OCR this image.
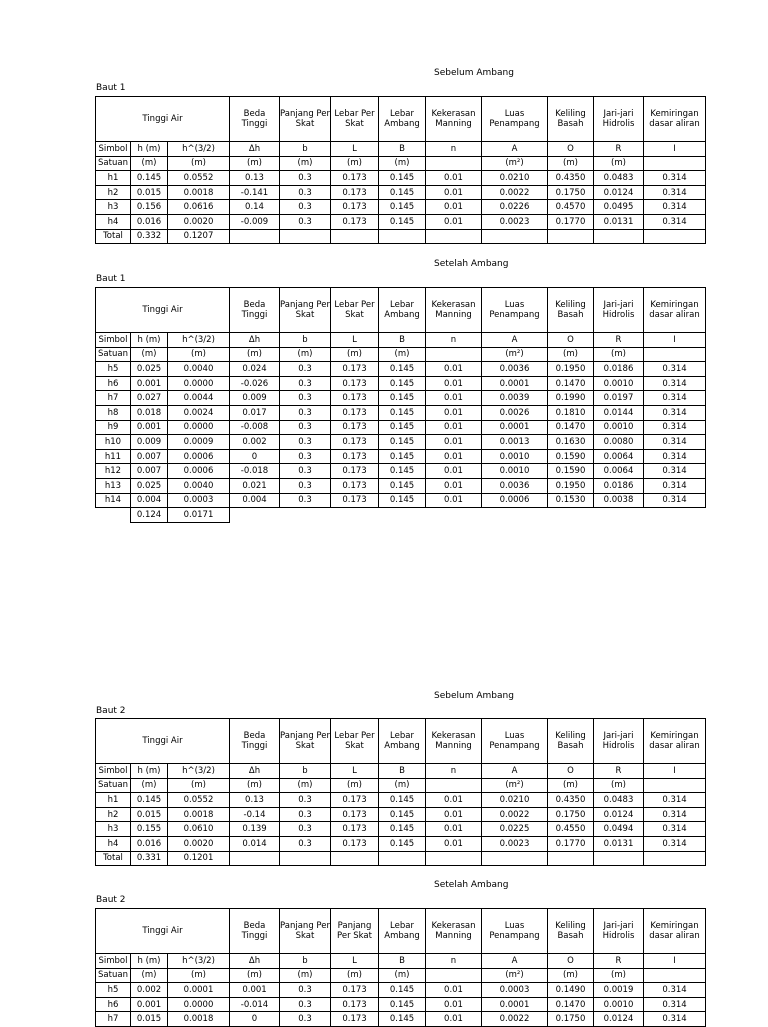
Sebelum Ambang
Baut 1
Tinggi Air			Beda Tinggi	Panjang Per Skat	Lebar Per Skat	Lebar Ambang	Kekerasan Manning	Luas Penampang	Keliling Basah	Jari-jari Hidrolis	Kemiringan dasar aliran
Simbol	h (m)	h^(3/2)	Δh	b	L	B	n	A	O	R	I
Satuan	(m)	(m)	(m)	(m)	(m)	(m)		(m²)	(m)	(m)	
h1	0.145	0.0552	0.13	0.3	0.173	0.145	0.01	0.0210	0.4350	0.0483	0.314
h2	0.015	0.0018	-0.141	0.3	0.173	0.145	0.01	0.0022	0.1750	0.0124	0.314
h3	0.156	0.0616	0.14	0.3	0.173	0.145	0.01	0.0226	0.4570	0.0495	0.314
h4	0.016	0.0020	-0.009	0.3	0.173	0.145	0.01	0.0023	0.1770	0.0131	0.314
Total	0.332	0.1207									
Setelah Ambang
Baut 1
Tinggi Air			Beda Tinggi	Panjang Per Skat	Lebar Per Skat	Lebar Ambang	Kekerasan Manning	Luas Penampang	Keliling Basah	Jari-jari Hidrolis	Kemiringan dasar aliran
Simbol	h (m)	h^(3/2)	Δh	b	L	B	n	A	O	R	I
Satuan	(m)	(m)	(m)	(m)	(m)	(m)		(m²)	(m)	(m)	
h5	0.025	0.0040	0.024	0.3	0.173	0.145	0.01	0.0036	0.1950	0.0186	0.314
h6	0.001	0.0000	-0.026	0.3	0.173	0.145	0.01	0.0001	0.1470	0.0010	0.314
h7	0.027	0.0044	0.009	0.3	0.173	0.145	0.01	0.0039	0.1990	0.0197	0.314
h8	0.018	0.0024	0.017	0.3	0.173	0.145	0.01	0.0026	0.1810	0.0144	0.314
h9	0.001	0.0000	-0.008	0.3	0.173	0.145	0.01	0.0001	0.1470	0.0010	0.314
h10	0.009	0.0009	0.002	0.3	0.173	0.145	0.01	0.0013	0.1630	0.0080	0.314
h11	0.007	0.0006	0	0.3	0.173	0.145	0.01	0.0010	0.1590	0.0064	0.314
h12	0.007	0.0006	-0.018	0.3	0.173	0.145	0.01	0.0010	0.1590	0.0064	0.314
h13	0.025	0.0040	0.021	0.3	0.173	0.145	0.01	0.0036	0.1950	0.0186	0.314
h14	0.004	0.0003	0.004	0.3	0.173	0.145	0.01	0.0006	0.1530	0.0038	0.314
	0.124	0.0171									
Sebelum Ambang
Baut 2
Tinggi Air			Beda Tinggi	Panjang Per Skat	Lebar Per Skat	Lebar Ambang	Kekerasan Manning	Luas Penampang	Keliling Basah	Jari-jari Hidrolis	Kemiringan dasar aliran
Simbol	h (m)	h^(3/2)	Δh	b	L	B	n	A	O	R	I
Satuan	(m)	(m)	(m)	(m)	(m)	(m)		(m²)	(m)	(m)	
h1	0.145	0.0552	0.13	0.3	0.173	0.145	0.01	0.0210	0.4350	0.0483	0.314
h2	0.015	0.0018	-0.14	0.3	0.173	0.145	0.01	0.0022	0.1750	0.0124	0.314
h3	0.155	0.0610	0.139	0.3	0.173	0.145	0.01	0.0225	0.4550	0.0494	0.314
h4	0.016	0.0020	0.014	0.3	0.173	0.145	0.01	0.0023	0.1770	0.0131	0.314
Total	0.331	0.1201									
Setelah Ambang
Baut 2
Tinggi Air			Beda Tinggi	Panjang Per Skat	Panjang Per Skat	Lebar Ambang	Kekerasan Manning	Luas Penampang	Keliling Basah	Jari-jari Hidrolis	Kemiringan dasar aliran
Simbol	h (m)	h^(3/2)	Δh	b	L	B	n	A	O	R	I
Satuan	(m)	(m)	(m)	(m)	(m)	(m)		(m²)	(m)	(m)	
h5	0.002	0.0001	0.001	0.3	0.173	0.145	0.01	0.0003	0.1490	0.0019	0.314
h6	0.001	0.0000	-0.014	0.3	0.173	0.145	0.01	0.0001	0.1470	0.0010	0.314
h7	0.015	0.0018	0	0.3	0.173	0.145	0.01	0.0022	0.1750	0.0124	0.314
